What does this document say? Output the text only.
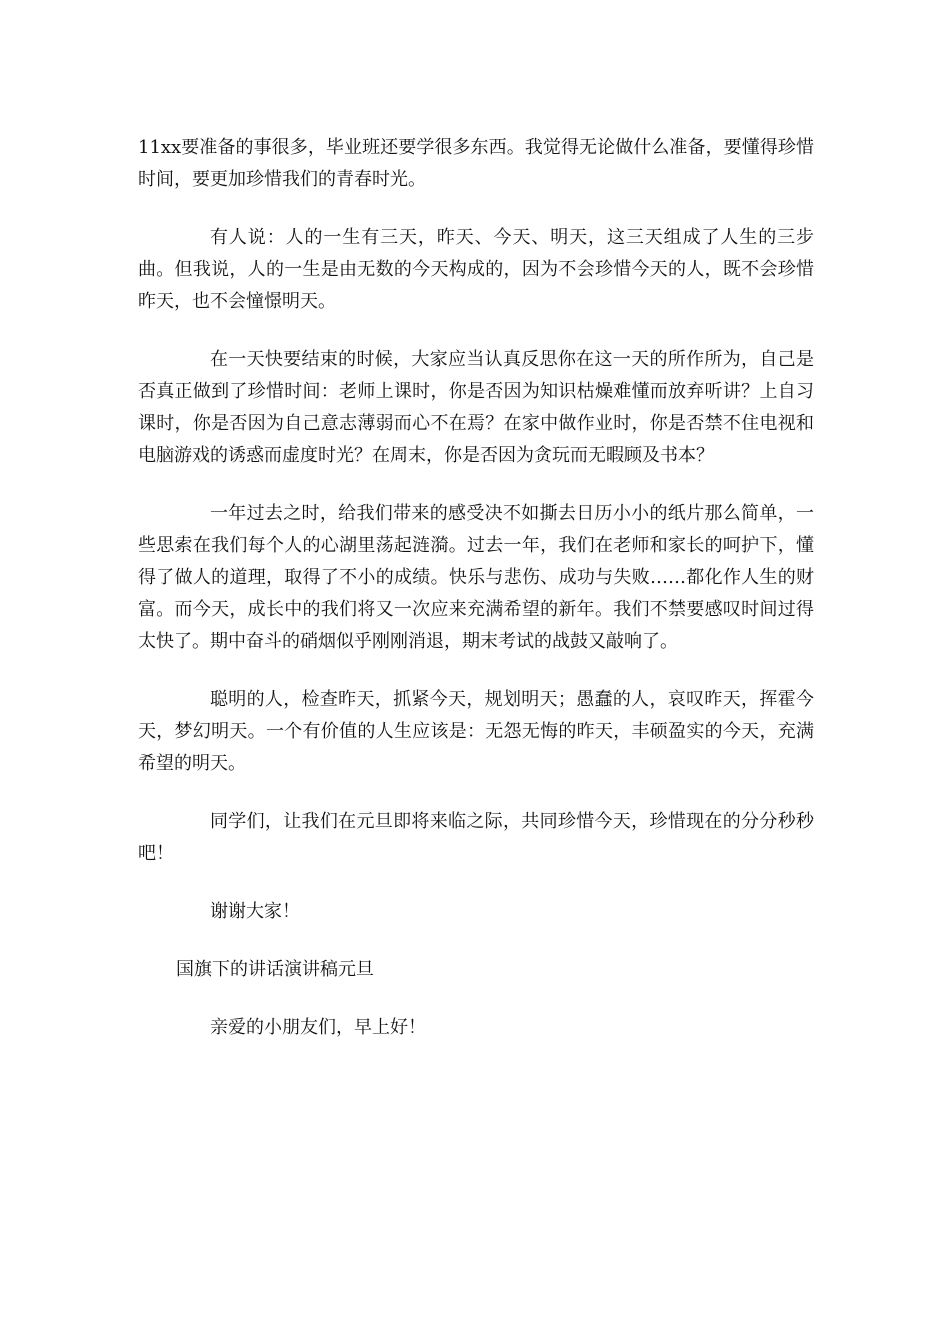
11xx要准备的事很多，毕业班还要学很多东西。我觉得无论做什么准备，要懂得珍惜时间，要更加珍惜我们的青春时光。

有人说：人的一生有三天，昨天、今天、明天，这三天组成了人生的三步曲。但我说，人的一生是由无数的今天构成的，因为不会珍惜今天的人，既不会珍惜昨天，也不会憧憬明天。

在一天快要结束的时候，大家应当认真反思你在这一天的所作所为，自己是否真正做到了珍惜时间：老师上课时，你是否因为知识枯燥难懂而放弃听讲？上自习课时，你是否因为自己意志薄弱而心不在焉？在家中做作业时，你是否禁不住电视和电脑游戏的诱惑而虚度时光？在周末，你是否因为贪玩而无暇顾及书本？

一年过去之时，给我们带来的感受决不如撕去日历小小的纸片那么简单，一些思索在我们每个人的心湖里荡起涟漪。过去一年，我们在老师和家长的呵护下，懂得了做人的道理，取得了不小的成绩。快乐与悲伤、成功与失败……都化作人生的财富。而今天，成长中的我们将又一次应来充满希望的新年。我们不禁要感叹时间过得太快了。期中奋斗的硝烟似乎刚刚消退，期末考试的战鼓又敲响了。

聪明的人，检查昨天，抓紧今天，规划明天；愚蠢的人，哀叹昨天，挥霍今天，梦幻明天。一个有价值的人生应该是：无怨无悔的昨天，丰硕盈实的今天，充满希望的明天。

同学们，让我们在元旦即将来临之际，共同珍惜今天，珍惜现在的分分秒秒吧！

谢谢大家！

国旗下的讲话演讲稿元旦

亲爱的小朋友们，早上好！
